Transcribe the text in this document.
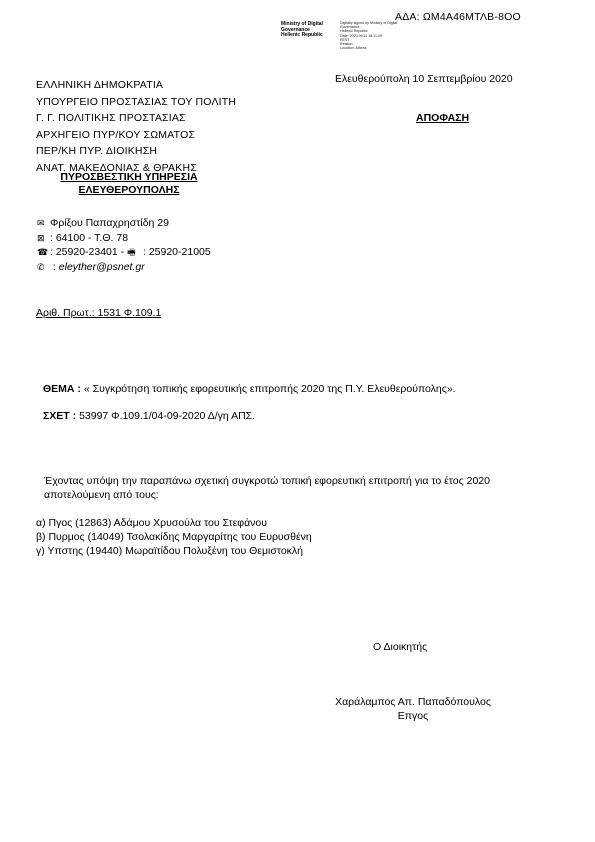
ΑΔΑ: ΩΜ4Α46ΜΤΛΒ-8ΟΟ
Ministry of Digital
Governance
Hellenic Republic
Digitally signed by Ministry of Digital Governance,
Hellenic Republic
Date: 2020.09.11 18:11:29
EEST
Reason:
Location: Athens
Ελευθερούπολη 10 Σεπτεμβρίου 2020
ΑΠΟΦΑΣΗ
ΕΛΛΗΝΙΚΗ ΔΗΜΟΚΡΑΤΙΑ
ΥΠΟΥΡΓΕΙΟ ΠΡΟΣΤΑΣΙΑΣ ΤΟΥ ΠΟΛΙΤΗ
Γ. Γ. ΠΟΛΙΤΙΚΗΣ ΠΡΟΣΤΑΣΙΑΣ
ΑΡΧΗΓΕΙΟ ΠΥΡ/ΚΟΥ ΣΩΜΑΤΟΣ
ΠΕΡ/ΚΗ ΠΥΡ. ΔΙΟΙΚΗΣΗ
ΑΝΑΤ. ΜΑΚΕΔΟΝΙΑΣ & ΘΡΑΚΗΣ
ΠΥΡΟΣΒΕΣΤΙΚΗ ΥΠΗΡΕΣΙΑ
ΕΛΕΥΘΕΡΟΥΠΟΛΗΣ
✉ Φρίξου Παπαχρηστίδη 29
⊠ : 64100 - Τ.Θ. 78
☎ : 25920-23401 - 🖷 : 25920-21005
✆ : eleyther@psnet.gr
Αριθ. Πρωτ.: 1531 Φ.109.1
ΘΕΜΑ : « Συγκρότηση τοπικής εφορευτικής επιτροπής 2020 της Π.Υ. Ελευθερούπολης».
ΣΧΕΤ : 53997 Φ.109.1/04-09-2020 Δ/γη ΑΠΣ.
Έχοντας υπόψη την παραπάνω σχετική συγκροτώ τοπική εφορευτική επιτροπή για το έτος 2020 αποτελούμενη από τους:
α) Πγος (12863) Αδάμου Χρυσούλα του Στεφάνου
β) Πυρμος (14049) Τσολακίδης Μαργαρίτης του Ευρυσθένη
γ) Υπστης (19440) Μωραϊτίδου Πολυξένη του Θεμιστοκλή
Ο Διοικητής
Χαράλαμπος Απ. Παπαδόπουλος
Επγος
